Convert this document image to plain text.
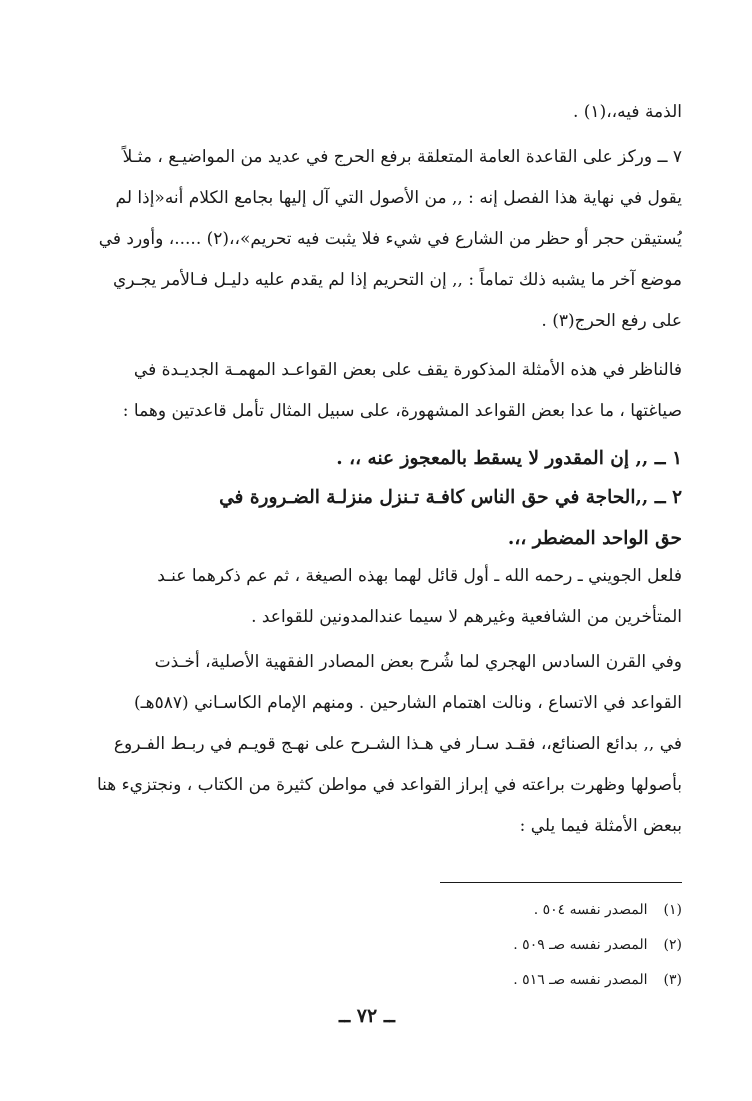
الذمة فيه،،(١) .
٧ ــ وركز على القاعدة العامة المتعلقة برفع الحرج في عديد من المواضيـع ، مثـلاً
يقول في نهاية هذا الفصل إنه : ,, من الأصول التي آل إليها بجامع الكلام أنه«إذا لم
يُستيقن حجر أو حظر من الشارع في شيء فلا يثبت فيه تحريم»،،(٢) .....، وأورد في
موضع آخر ما يشبه ذلك تماماً : ,, إن التحريم إذا لم يقدم عليه دليـل فـالأمر يجـري
على رفع الحرج(٣) .
فالناظر في هذه الأمثلة المذكورة يقف على بعض القواعـد المهمـة الجديـدة في
صياغتها ، ما عدا بعض القواعد المشهورة، على سبيل المثال تأمل قاعدتين وهما :
١ ــ ,, إن المقدور لا يسقط بالمعجوز عنه ،، .
٢ ــ ,,الحاجة في حق الناس كافـة تـنزل منزلـة الضـرورة في
حق الواحد المضطر ،،.
فلعل الجويني ـ رحمه الله ـ أول قائل لهما بهذه الصيغة ، ثم عم ذكرهما عنـد
المتأخرين من الشافعية وغيرهم لا سيما عندالمدونين للقواعد .
وفي القرن السادس الهجري لما شُرح بعض المصادر الفقهية الأصلية، أخـذت
القواعد في الاتساع ، ونالت اهتمام الشارحين . ومنهم الإمام الكاسـاني (٥٨٧هـ)
في ,, بدائع الصنائع،، فقـد سـار في هـذا الشـرح على نهـج قويـم في ربـط الفـروع
بأصولها وظهرت براعته في إبراز القواعد في مواطن كثيرة من الكتاب ، ونجتزيء هنا
ببعض الأمثلة فيما يلي :
(١) المصدر نفسه ٥٠٤ .
(٢) المصدر نفسه صـ ٥٠٩ .
(٣) المصدر نفسه صـ ٥١٦ .
ــ ٧٢ ــ
